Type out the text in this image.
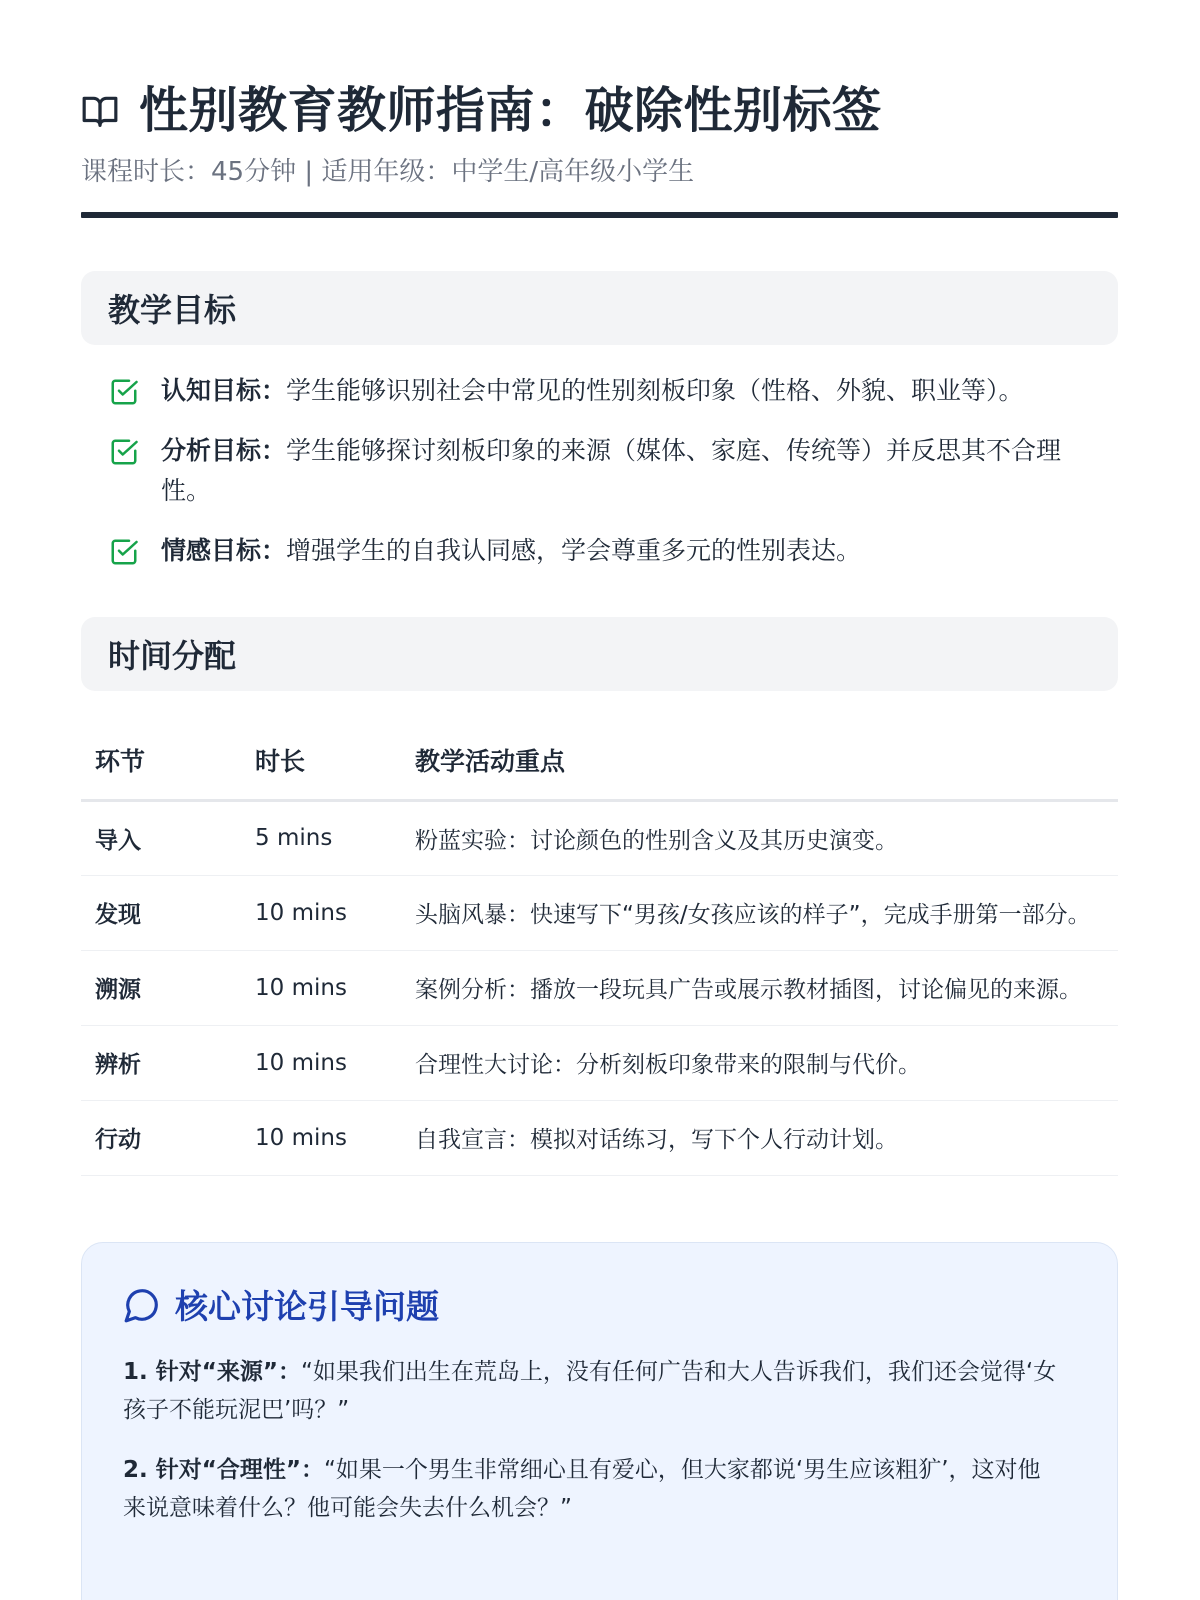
性别教育教师指南：破除性别标签
课程时长：45分钟 | 适用年级：中学生/高年级小学生
教学目标

认知目标：学生能够识别社会中常见的性别刻板印象（性格、外貌、职业等）。

分析目标：学生能够探讨刻板印象的来源（媒体、家庭、传统等）并反思其不合理性。

情感目标：增强学生的自我认同感，学会尊重多元的性别表达。

时间分配
环节	时长	教学活动重点
导入	5 mins	粉蓝实验：讨论颜色的性别含义及其历史演变。
发现	10 mins	头脑风暴：快速写下“男孩/女孩应该的样子”，完成手册第一部分。
溯源	10 mins	案例分析：播放一段玩具广告或展示教材插图，讨论偏见的来源。
辨析	10 mins	合理性大讨论：分析刻板印象带来的限制与代价。
行动	10 mins	自我宣言：模拟对话练习，写下个人行动计划。
核心讨论引导问题

1. 针对“来源”：“如果我们出生在荒岛上，没有任何广告和大人告诉我们，我们还会觉得‘女孩子不能玩泥巴’吗？”

2. 针对“合理性”：“如果一个男生非常细心且有爱心，但大家都说‘男生应该粗犷’，这对他来说意味着什么？他可能会失去什么机会？”
